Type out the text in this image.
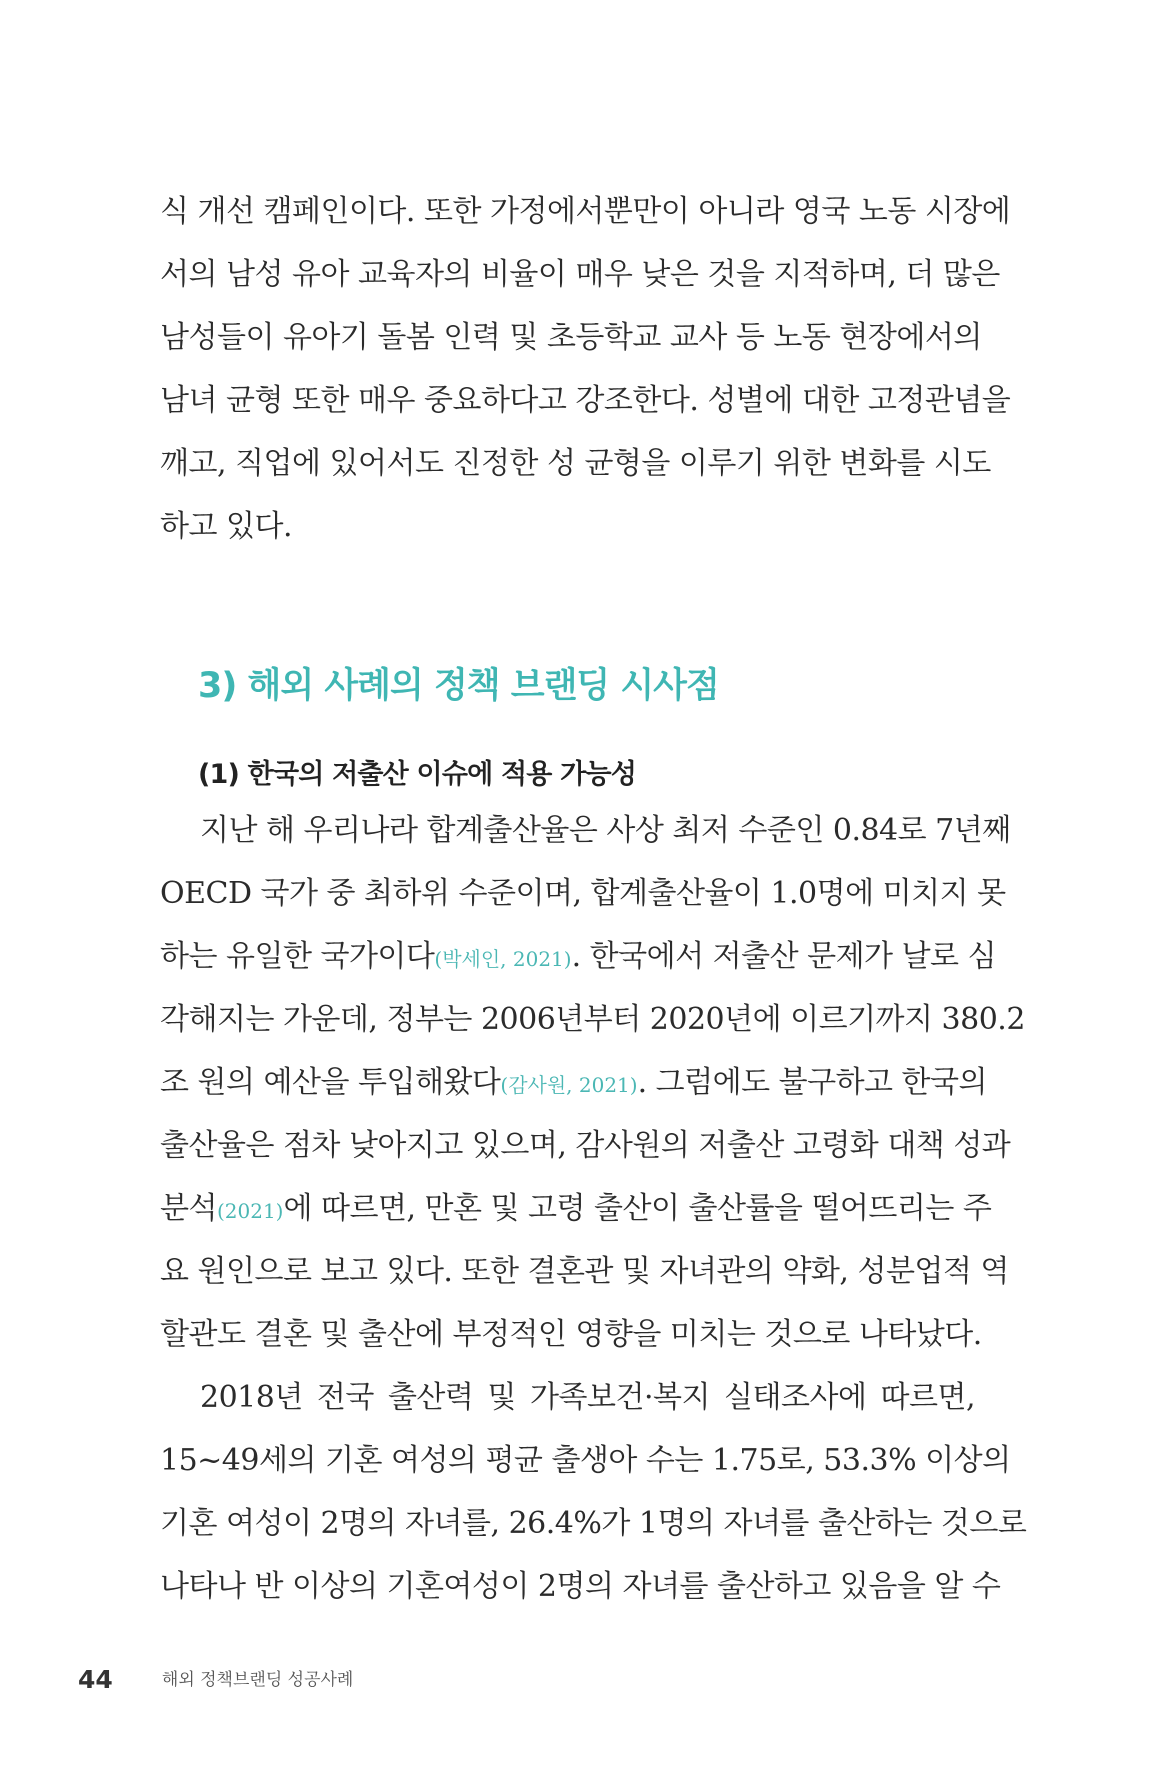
식 개선 캠페인이다. 또한 가정에서뿐만이 아니라 영국 노동 시장에
서의 남성 유아 교육자의 비율이 매우 낮은 것을 지적하며, 더 많은
남성들이 유아기 돌봄 인력 및 초등학교 교사 등 노동 현장에서의
남녀 균형 또한 매우 중요하다고 강조한다. 성별에 대한 고정관념을
깨고, 직업에 있어서도 진정한 성 균형을 이루기 위한 변화를 시도
하고 있다.
3) 해외 사례의 정책 브랜딩 시사점
(1) 한국의 저출산 이슈에 적용 가능성
지난 해 우리나라 합계출산율은 사상 최저 수준인 0.84로 7년째
OECD 국가 중 최하위 수준이며, 합계출산율이 1.0명에 미치지 못
하는 유일한 국가이다(박세인, 2021). 한국에서 저출산 문제가 날로 심
각해지는 가운데, 정부는 2006년부터 2020년에 이르기까지 380.2
조 원의 예산을 투입해왔다(감사원, 2021). 그럼에도 불구하고 한국의
출산율은 점차 낮아지고 있으며, 감사원의 저출산 고령화 대책 성과
분석(2021)에 따르면, 만혼 및 고령 출산이 출산률을 떨어뜨리는 주
요 원인으로 보고 있다. 또한 결혼관 및 자녀관의 약화, 성분업적 역
할관도 결혼 및 출산에 부정적인 영향을 미치는 것으로 나타났다.
2018년 전국 출산력 및 가족보건·복지 실태조사에 따르면,
15~49세의 기혼 여성의 평균 출생아 수는 1.75로, 53.3% 이상의
기혼 여성이 2명의 자녀를, 26.4%가 1명의 자녀를 출산하는 것으로
나타나 반 이상의 기혼여성이 2명의 자녀를 출산하고 있음을 알 수
44	해외 정책브랜딩 성공사례
